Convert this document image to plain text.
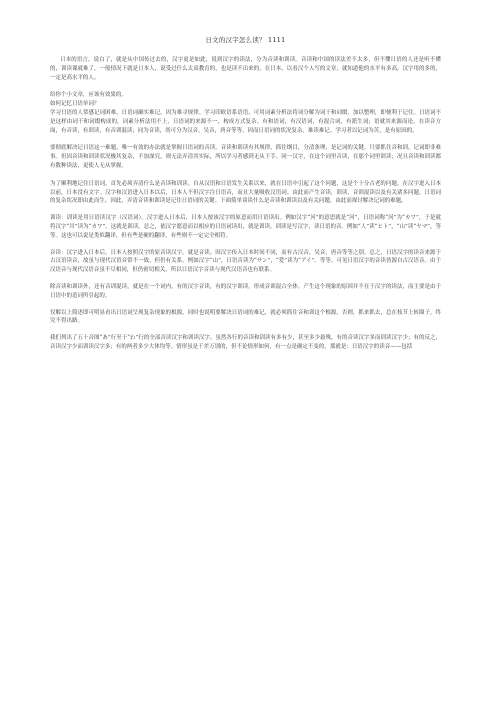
日文的汉字怎么读？ 1111

日本的语言，说白了，就是从中国传过去的，汉字更是如此，说到汉字的读法，分为音读和训读。音读和中国的读法差不太多，但不懂日语的人还是听不懂的，训读课就难了，一般情况下就是日本人，说受过什么太高教育的，也是读不出来的，在日本，以看汉个人写的文章，就知道他的水平有多高，汉字用的多的，一定是高水平的人。

给你个小文章，应该有效果的。

如何记忆日语单词？

学习日语的人常感记词困难。日语词确实难记，因为难寻规律。学习印欧语系语语，可用词素分析法将词分解为词干和词缀，加以整理，即便利于记住。日语词不是这样由词干和词缀构成的，词素分析法用不上，日语词的来源不一，构成方式复杂。有和语词，有汉语词，有混合词，有派生词；语就其来源而论，在读音方面，有音读，有训读，有音训混读；同为音读，尚可分为汉音，吴音，唐音等等。因而日语词的状况复杂，难读难记。学习者以记词为苦，是有原因的。

要彻底解决记日语这一难题，唯一有效的办法就是掌握日语词的音读。音读和训读有其规律，抓住纲目，分清条理，是记词的关键。只要抓住音和训，记词即非难事。但因音读和训读状况极其复杂，不加深究，则无法弄清其实际，所以学习者感到无从下手。同一汉字，在这个词里音读，在那个词里训读；况且音读和训读都有数种读法，更使人无从掌握。

为了顺利地记住日语词，首先必须弄清什么是音读和训读。自从汉语和日语发生关系以来，就在日语中引起了这个问题，这是个十分古老的问题。在汉字进入日本以前，日本没有文字。汉字和汉语进入日本以后，日本人不但汉字注日语音，而且大量吸收汉语词。由此而产生音读，训读，音训混读以及有关诸多问题，日语词的复杂状况即由此而生。因此，弄清音读和训读是记住日语词的关键。下面简单谈谈什么是音读和训读以及有关问题，由此而探讨解决记词的难题。

训读：训读是用日语读汉字（汉语词）。汉字进入日本后，日本人按该汉字的原意而用日语读出。例如汉字“河”的意思就是“河”，日语词称“河”为“カワ”，于是就将汉字“川”读为“カワ”。这就是训读。总之，依汉字愿意而以相应的日语词读出，就是训读。训读是写汉字，读日语的音。例如“人”读“ヒト”，“山”读“ヤマ”，等等。这也可以说是类似翻译，但有些是硬的翻译，有些则不一定完全相符。

音读：汉字进入日本后，日本人按照汉字的原音读汉字，就是音读。因汉字传入日本时间不同，而有古汉音，吴音，唐音等等之别。总之，日语汉字的读音来源于古汉语读音，故虽与现代汉语音常不一致，但仍有关系。例如汉字“山”，日语音读为“サン”，“爱”读为“アイ”。等等。可见日语汉字的音读皆源自古汉语音。由于汉语音与现代汉语音虽不尽相同，但仍密切相关，所以日语汉字音读与现代汉语音也有联系。

除音读和训读外，还有音训混读，就是在一个词内，有的汉字音读，有的汉字训读，形成音训混合全体。产生这个现象的原因并不在于汉字的读法，而主要是由于日语中的造词所引起的。

仅解以上简述即可明显看出日语词呈现复杂现象的根源，同时也说明要解决日语词的难记，就必须抓住音和训这个根源。否则，抓来抓去，总在枝节上转圈子，终究不得出路。

我们列出了五十音图“あ”行至于“わ”行的全部音读汉字和训读汉字。虽然各行的音读和训读有多有少，甚至多少悬殊，有的音读汉字多而训读汉字少；有的反之，音读汉字少而训读汉字多；有的两者多少大体均等。情形虽是千差万别的，但不论情形如何，有一点是确定不变的，那就是：日语汉字的读音——包括
